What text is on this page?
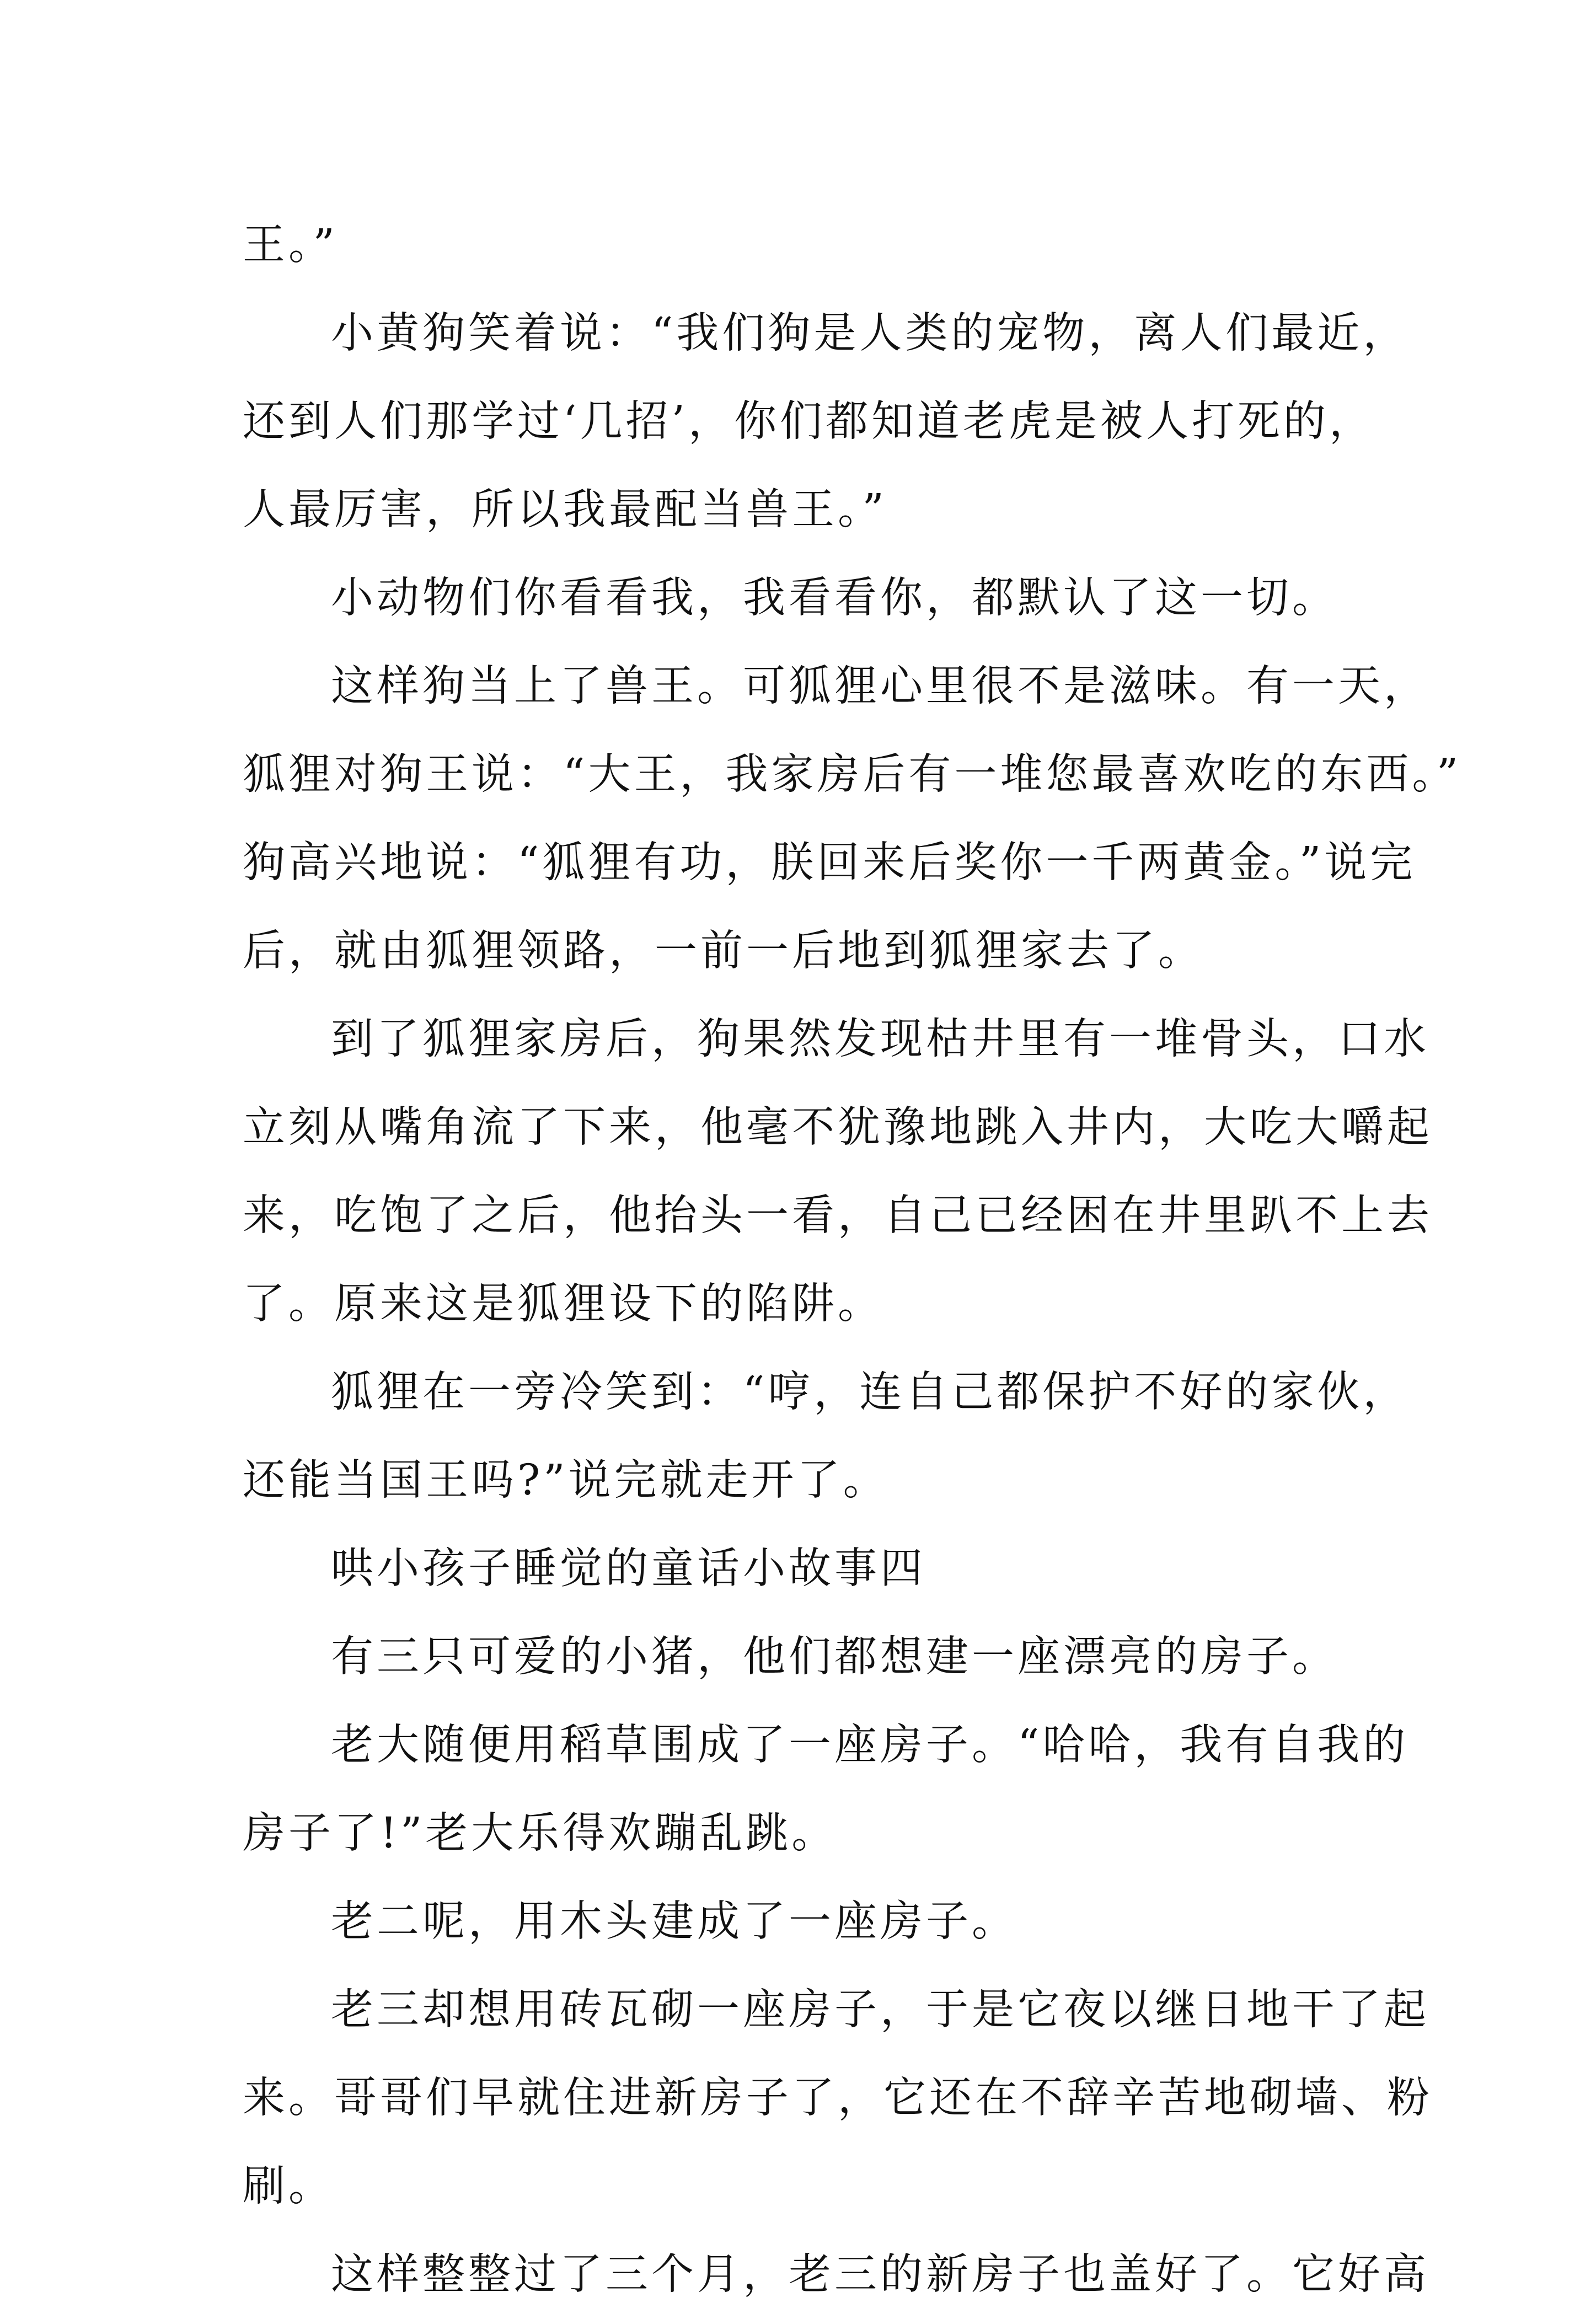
王。”
小黄狗笑着说：“我们狗是人类的宠物，离人们最近，
还到人们那学过‘几招’，你们都知道老虎是被人打死的，
人最厉害，所以我最配当兽王。”
小动物们你看看我，我看看你，都默认了这一切。
这样狗当上了兽王。可狐狸心里很不是滋味。有一天，
狐狸对狗王说：“大王，我家房后有一堆您最喜欢吃的东西。”
狗高兴地说：“狐狸有功，朕回来后奖你一千两黄金。”说完
后，就由狐狸领路，一前一后地到狐狸家去了。
到了狐狸家房后，狗果然发现枯井里有一堆骨头，口水
立刻从嘴角流了下来，他毫不犹豫地跳入井内，大吃大嚼起
来，吃饱了之后，他抬头一看，自己已经困在井里趴不上去
了。原来这是狐狸设下的陷阱。
狐狸在一旁冷笑到：“哼，连自己都保护不好的家伙，
还能当国王吗?”说完就走开了。
哄小孩子睡觉的童话小故事四
有三只可爱的小猪，他们都想建一座漂亮的房子。
老大随便用稻草围成了一座房子。“哈哈，我有自我的
房子了!”老大乐得欢蹦乱跳。
老二呢，用木头建成了一座房子。
老三却想用砖瓦砌一座房子，于是它夜以继日地干了起
来。哥哥们早就住进新房子了，它还在不辞辛苦地砌墙、粉
刷。
这样整整过了三个月，老三的新房子也盖好了。它好高
